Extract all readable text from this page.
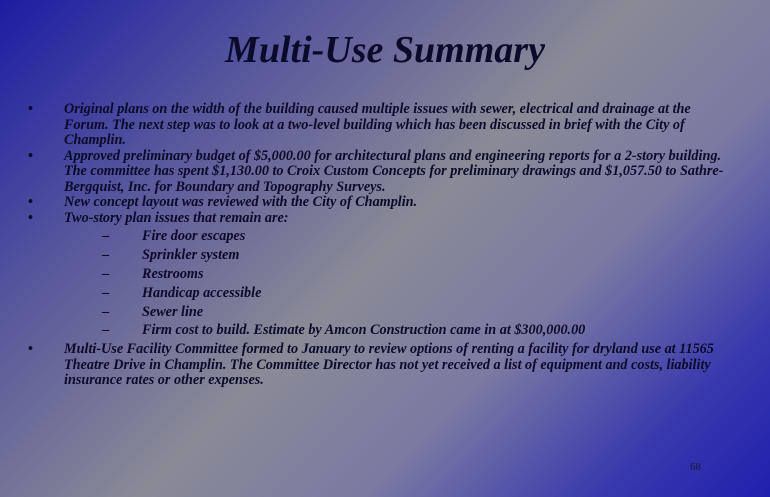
Multi-Use Summary
• Original plans on the width of the building caused multiple issues with sewer, electrical and drainage at the Forum. The next step was to look at a two-level building which has been discussed in brief with the City of Champlin.
• Approved preliminary budget of $5,000.00 for architectural plans and engineering reports for a 2-story building. The committee has spent $1,130.00 to Croix Custom Concepts for preliminary drawings and $1,057.50 to Sathre-Bergquist, Inc. for Boundary and Topography Surveys.
• New concept layout was reviewed with the City of Champlin.
• Two-story plan issues that remain are:
– Fire door escapes
– Sprinkler system
– Restrooms
– Handicap accessible
– Sewer line
– Firm cost to build. Estimate by Amcon Construction came in at $300,000.00
• Multi-Use Facility Committee formed to January to review options of renting a facility for dryland use at 11565 Theatre Drive in Champlin. The Committee Director has not yet received a list of equipment and costs, liability insurance rates or other expenses.
68
